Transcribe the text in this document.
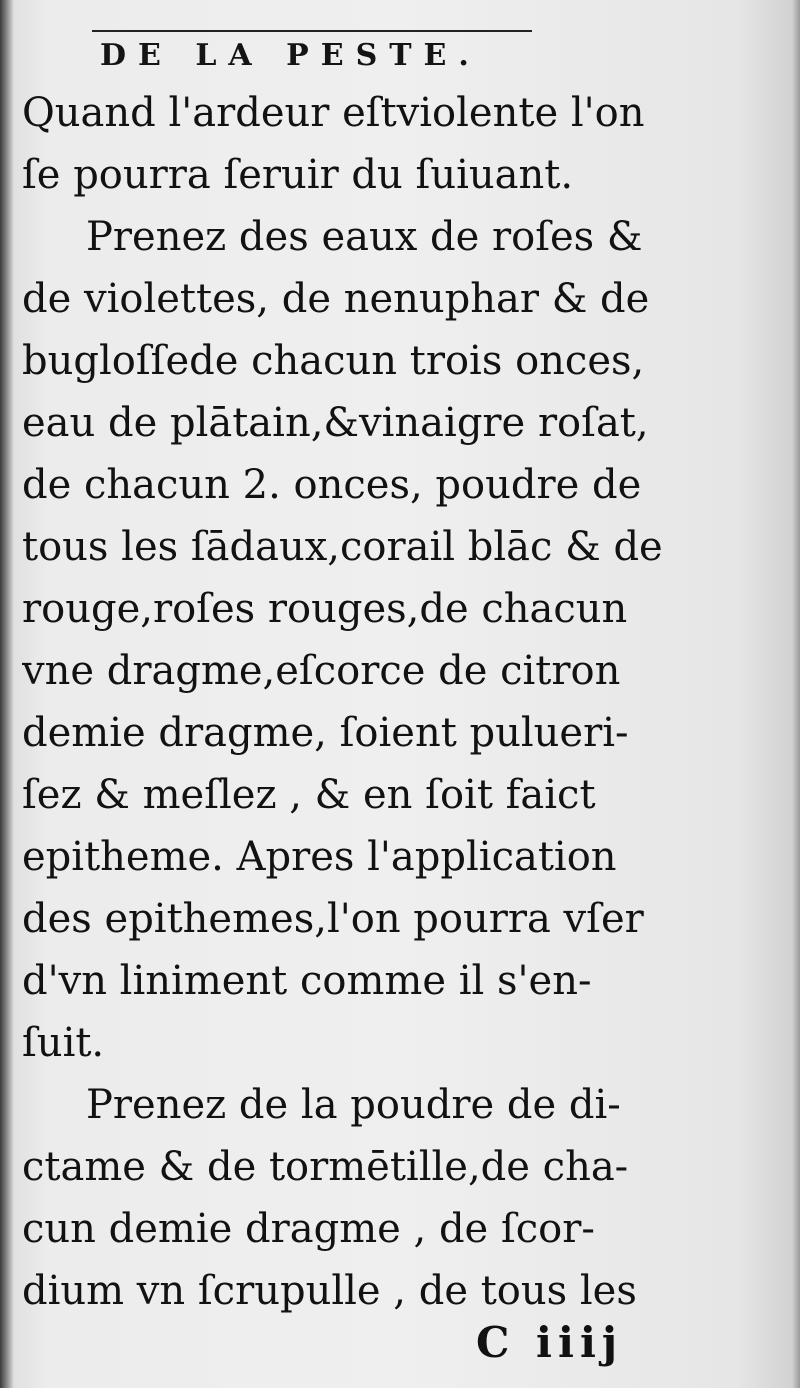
DE LA PESTE.
Quand l'ardeur eſtviolente l'on
ſe pourra ſeruir du ſuiuant.
Prenez des eaux de roſes &
de violettes, de nenuphar & de
bugloſſede chacun trois onces,
eau de plātain,&vinaigre roſat,
de chacun 2. onces, poudre de
tous les ſādaux,corail blāc & de
rouge,roſes rouges,de chacun
vne dragme,eſcorce de citron
demie dragme, ſoient pulueri-
ſez & meſlez , & en ſoit faict
epitheme. Apres l'application
des epithemes,l'on pourra vſer
d'vn liniment comme il s'en-
ſuit.
Prenez de la poudre de di-
ctame & de tormētille,de cha-
cun demie dragme , de ſcor-
dium vn ſcrupulle , de tous les
C iiij
